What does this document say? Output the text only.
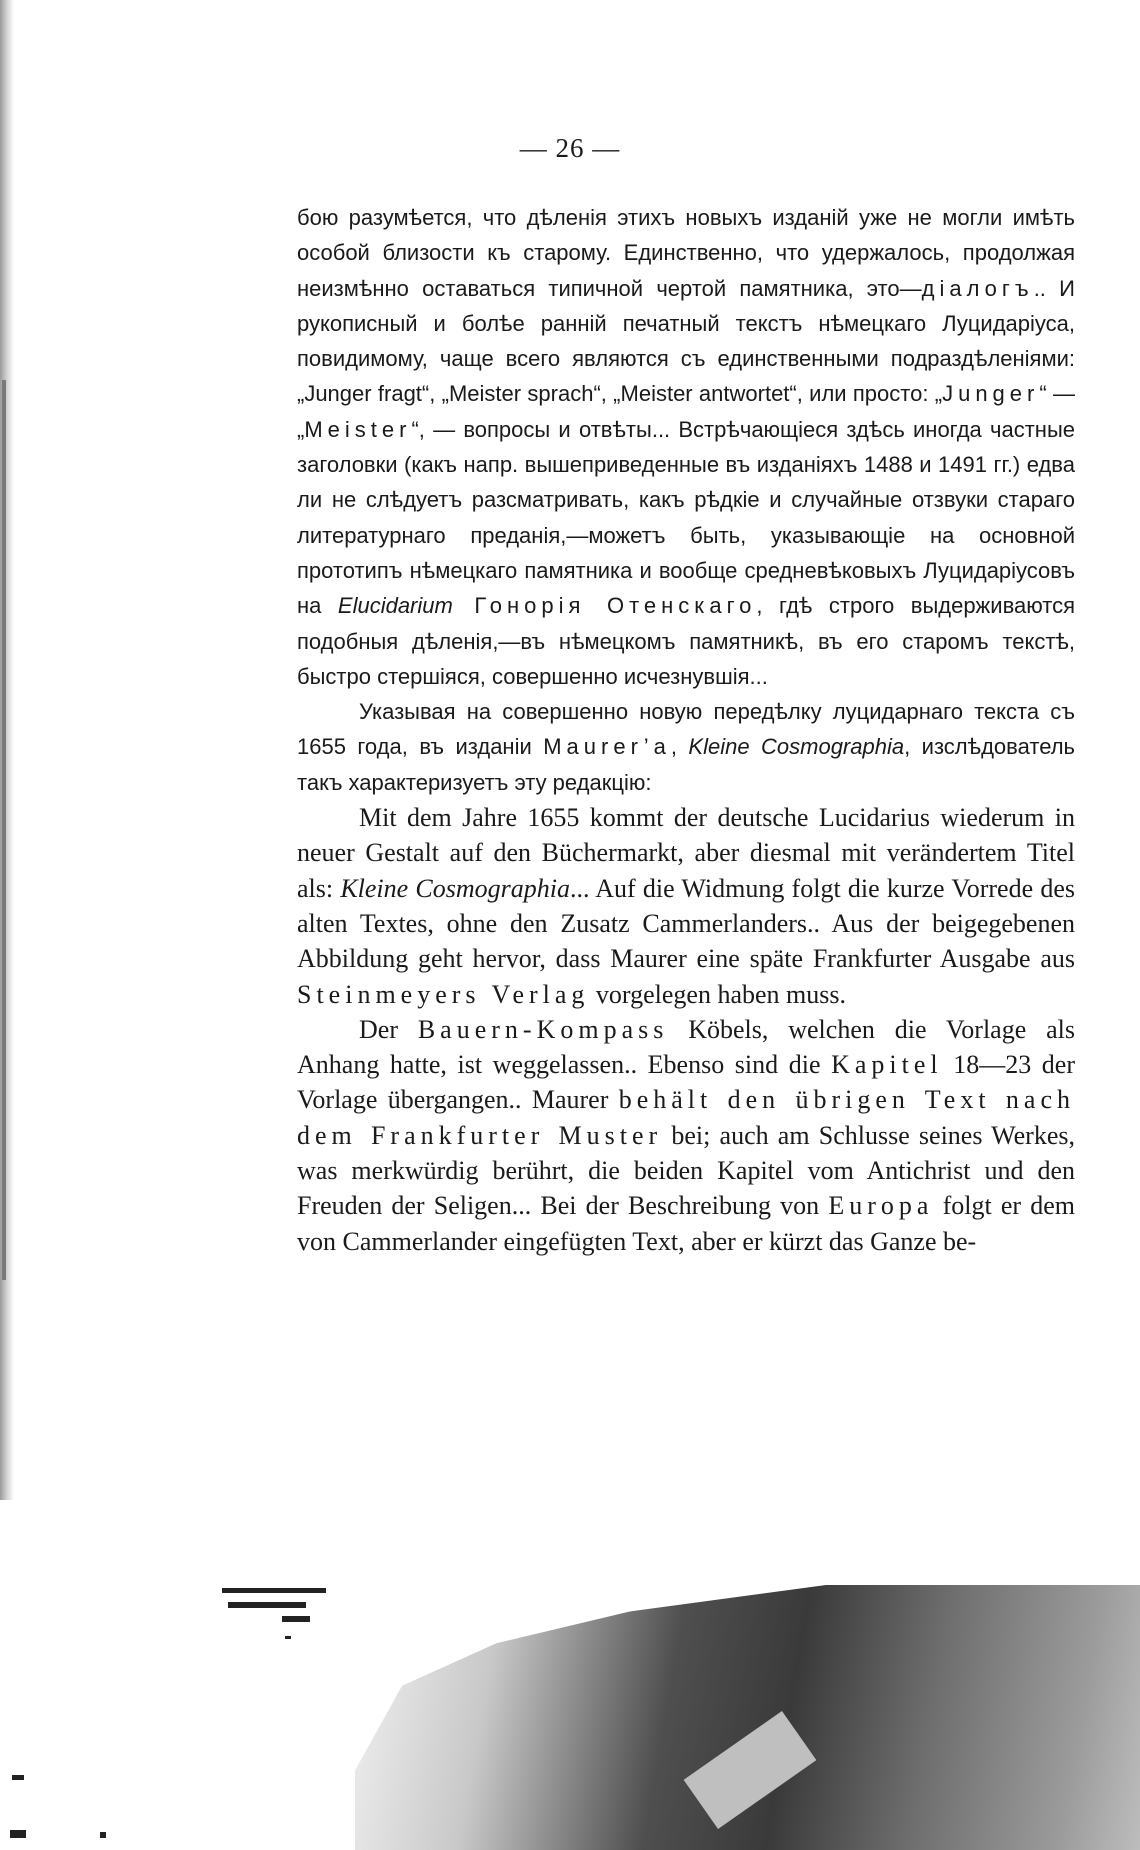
— 26 —

бою разумѣется, что дѣленія этихъ новыхъ изданій уже не могли имѣть особой близости къ старому. Единственно, что удержалось, продолжая неизмѣнно оставаться типичной чертой памятника, это—діалогъ.. И рукописный и болѣе ранній печатный текстъ нѣмецкаго Луцидаріуса, повидимому, чаще всего являются съ единственными подраздѣленіями: „Junger fragt“, „Meister sprach“, „Meister antwortet“, или просто: „Junger“ — „Meister“, — вопросы и отвѣты... Встрѣчающіеся здѣсь иногда частные заголовки (какъ напр. вышеприведенные въ изданіяхъ 1488 и 1491 гг.) едва ли не слѣдуетъ разсматривать, какъ рѣдкіе и случайные отзвуки стараго литературнаго преданія,—можетъ быть, указывающіе на основной прототипъ нѣмецкаго памятника и вообще средневѣковыхъ Луцидаріусовъ на Elucidarium Гонорія Отенскаго, гдѣ строго выдерживаются подобныя дѣленія,—въ нѣмецкомъ памятникѣ, въ его старомъ текстѣ, быстро стершіяся, совершенно исчезнувшія...

Указывая на совершенно новую передѣлку луцидарнаго текста съ 1655 года, въ изданіи Maurer’a, Kleine Cosmographia, изслѣдователь такъ характеризуетъ эту редакцію:

Mit dem Jahre 1655 kommt der deutsche Lucidarius wiederum in neuer Gestalt auf den Büchermarkt, aber diesmal mit verändertem Titel als: Kleine Cosmographia... Auf die Widmung folgt die kurze Vorrede des alten Textes, ohne den Zusatz Cammerlanders.. Aus der beigegebenen Abbildung geht hervor, dass Maurer eine späte Frankfurter Ausgabe aus Steinmeyers Verlag vorgelegen haben muss.

Der Bauern-Kompass Köbels, welchen die Vorlage als Anhang hatte, ist weggelassen.. Ebenso sind die Kapitel 18—23 der Vorlage übergangen.. Maurer behält den übrigen Text nach dem Frankfurter Muster bei; auch am Schlusse seines Werkes, was merkwürdig berührt, die beiden Kapitel vom Antichrist und den Freuden der Seligen... Bei der Beschreibung von Europa folgt er dem von Cammerlander eingefügten Text, aber er kürzt das Ganze be-
